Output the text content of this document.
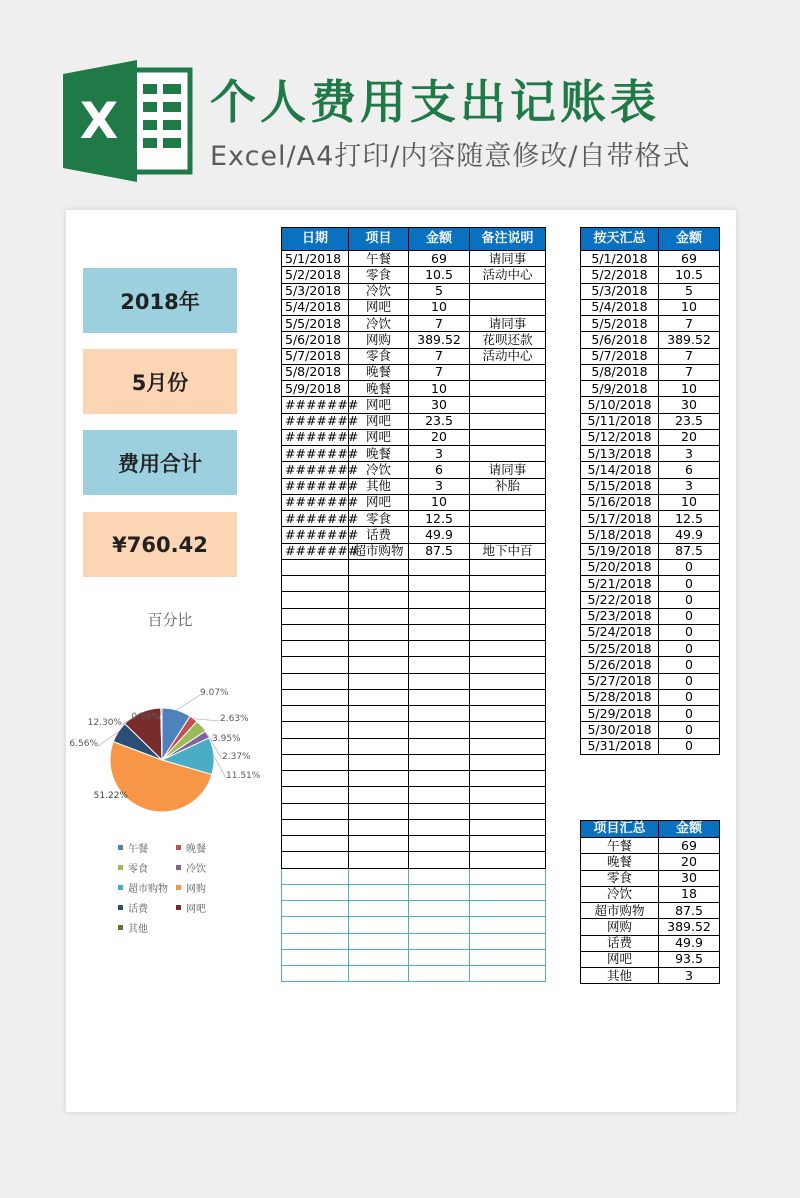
X 个人费用支出记账表
Excel/A4打印/内容随意修改/自带格式
2018年
5月份
费用合计
¥760.42
百分比
9.07%
2.63%
3.95%
2.37%
11.51%
51.22%
6.56%
12.30%
0.39%
午餐	晚餐
零食	冷饮
超市购物 网购
话费	网吧
其他
日期	项目	金额	备注说明
5/1/2018	午餐	69	请同事
5/2/2018	零食	10.5	活动中心
5/3/2018	冷饮	5	
5/4/2018	网吧	10	
5/5/2018	冷饮	7	请同事
5/6/2018	网购	389.52	花呗还款
5/7/2018	零食	7	活动中心
5/8/2018	晚餐	7	
5/9/2018	晚餐	10	
#######	网吧	30	
#######	网吧	23.5	
#######	网吧	20	
#######	晚餐	3	
#######	冷饮	6	请同事
#######	其他	3	补胎
#######	网吧	10	
#######	零食	12.5	
#######	话费	49.9	
#######	超市购物	87.5	地下中百

按天汇总	金额
5/1/2018	69
5/2/2018	10.5
5/3/2018	5
5/4/2018	10
5/5/2018	7
5/6/2018	389.52
5/7/2018	7
5/8/2018	7
5/9/2018	10
5/10/2018	30
5/11/2018	23.5
5/12/2018	20
5/13/2018	3
5/14/2018	6
5/15/2018	3
5/16/2018	10
5/17/2018	12.5
5/18/2018	49.9
5/19/2018	87.5
5/20/2018	0
5/21/2018	0
5/22/2018	0
5/23/2018	0
5/24/2018	0
5/25/2018	0
5/26/2018	0
5/27/2018	0
5/28/2018	0
5/29/2018	0
5/30/2018	0
5/31/2018	0
项目汇总	金额
午餐	69
晚餐	20
零食	30
冷饮	18
超市购物	87.5
网购	389.52
话费	49.9
网吧	93.5
其他	3
